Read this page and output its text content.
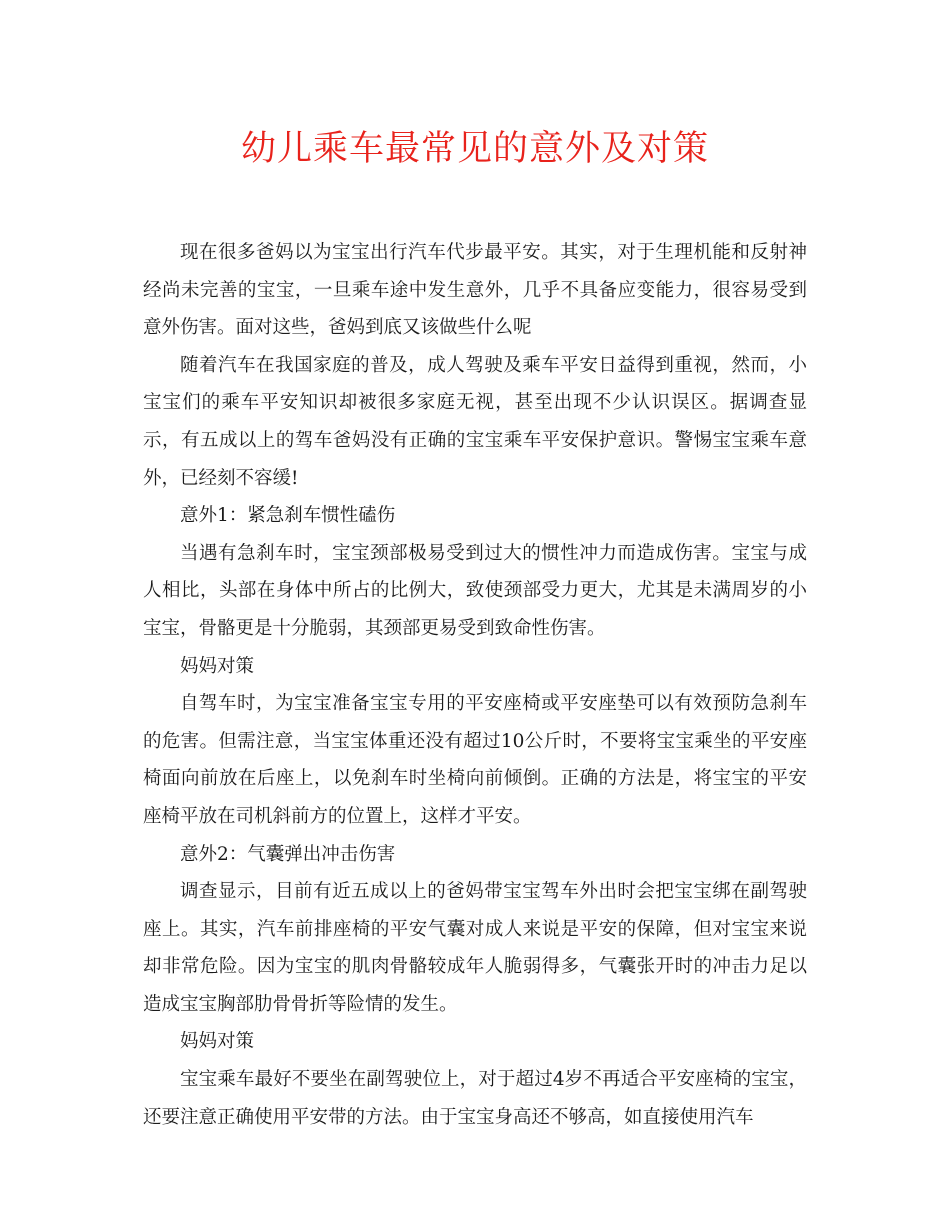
幼儿乘车最常见的意外及对策

现在很多爸妈以为宝宝出行汽车代步最平安。其实，对于生理机能和反射神经尚未完善的宝宝，一旦乘车途中发生意外，几乎不具备应变能力，很容易受到意外伤害。面对这些，爸妈到底又该做些什么呢

随着汽车在我国家庭的普及，成人驾驶及乘车平安日益得到重视，然而，小宝宝们的乘车平安知识却被很多家庭无视，甚至出现不少认识误区。据调查显示，有五成以上的驾车爸妈没有正确的宝宝乘车平安保护意识。警惕宝宝乘车意外，已经刻不容缓!

意外1：紧急刹车惯性磕伤

当遇有急刹车时，宝宝颈部极易受到过大的惯性冲力而造成伤害。宝宝与成人相比，头部在身体中所占的比例大，致使颈部受力更大，尤其是未满周岁的小宝宝，骨骼更是十分脆弱，其颈部更易受到致命性伤害。

妈妈对策

自驾车时，为宝宝准备宝宝专用的平安座椅或平安座垫可以有效预防急刹车的危害。但需注意，当宝宝体重还没有超过10公斤时，不要将宝宝乘坐的平安座椅面向前放在后座上，以免刹车时坐椅向前倾倒。正确的方法是，将宝宝的平安座椅平放在司机斜前方的位置上，这样才平安。

意外2：气囊弹出冲击伤害

调查显示，目前有近五成以上的爸妈带宝宝驾车外出时会把宝宝绑在副驾驶座上。其实，汽车前排座椅的平安气囊对成人来说是平安的保障，但对宝宝来说却非常危险。因为宝宝的肌肉骨骼较成年人脆弱得多，气囊张开时的冲击力足以造成宝宝胸部肋骨骨折等险情的发生。

妈妈对策

宝宝乘车最好不要坐在副驾驶位上，对于超过4岁不再适合平安座椅的宝宝，还要注意正确使用平安带的方法。由于宝宝身高还不够高，如直接使用汽车
